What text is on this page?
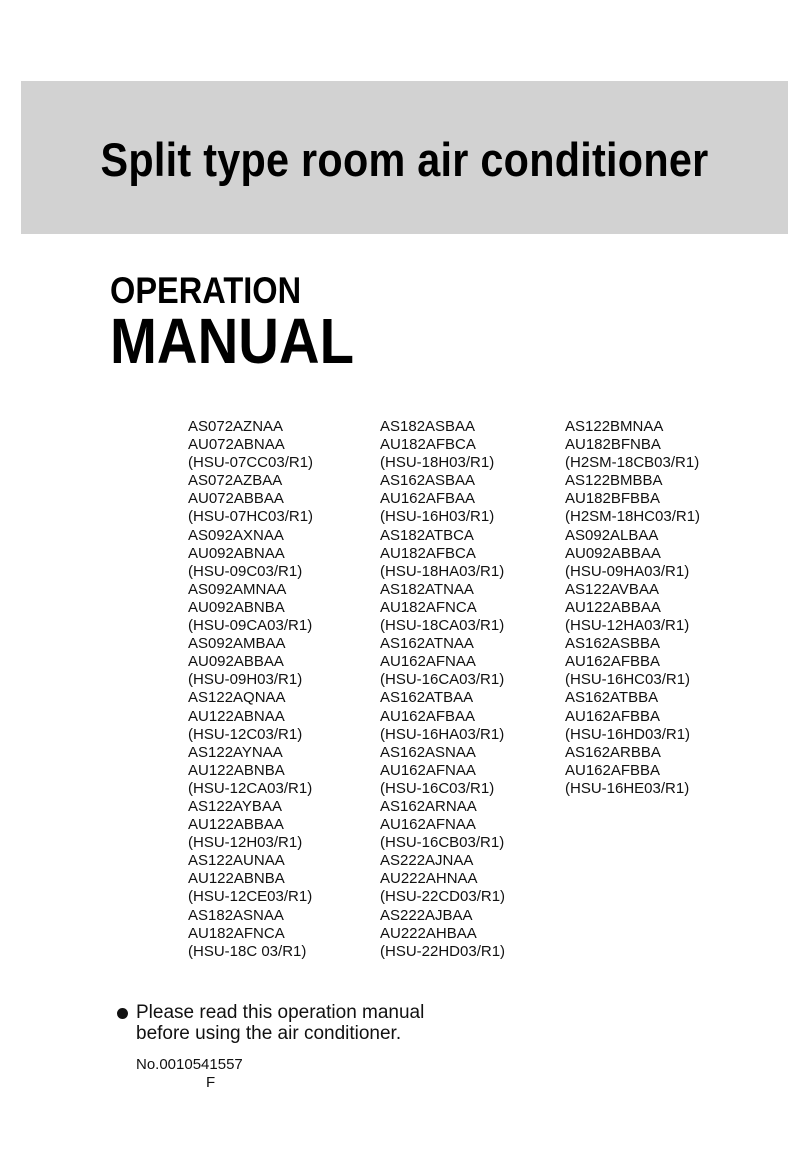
Split type room air conditioner
OPERATION
MANUAL
AS072AZNAA
AU072ABNAA
(HSU-07CC03/R1)
AS072AZBAA
AU072ABBAA
(HSU-07HC03/R1)
AS092AXNAA
AU092ABNAA
(HSU-09C03/R1)
AS092AMNAA
AU092ABNBA
(HSU-09CA03/R1)
AS092AMBAA
AU092ABBAA
(HSU-09H03/R1)
AS122AQNAA
AU122ABNAA
(HSU-12C03/R1)
AS122AYNAA
AU122ABNBA
(HSU-12CA03/R1)
AS122AYBAA
AU122ABBAA
(HSU-12H03/R1)
AS122AUNAA
AU122ABNBA
(HSU-12CE03/R1)
AS182ASNAA
AU182AFNCA
(HSU-18C 03/R1)
AS182ASBAA
AU182AFBCA
(HSU-18H03/R1)
AS162ASBAA
AU162AFBAA
(HSU-16H03/R1)
AS182ATBCA
AU182AFBCA
(HSU-18HA03/R1)
AS182ATNAA
AU182AFNCA
(HSU-18CA03/R1)
AS162ATNAA
AU162AFNAA
(HSU-16CA03/R1)
AS162ATBAA
AU162AFBAA
(HSU-16HA03/R1)
AS162ASNAA
AU162AFNAA
(HSU-16C03/R1)
AS162ARNAA
AU162AFNAA
(HSU-16CB03/R1)
AS222AJNAA
AU222AHNAA
(HSU-22CD03/R1)
AS222AJBAA
AU222AHBAA
(HSU-22HD03/R1)
AS122BMNAA
AU182BFNBA
(H2SM-18CB03/R1)
AS122BMBBA
AU182BFBBA
(H2SM-18HC03/R1)
AS092ALBAA
AU092ABBAA
(HSU-09HA03/R1)
AS122AVBAA
AU122ABBAA
(HSU-12HA03/R1)
AS162ASBBA
AU162AFBBA
(HSU-16HC03/R1)
AS162ATBBA
AU162AFBBA
(HSU-16HD03/R1)
AS162ARBBA
AU162AFBBA
(HSU-16HE03/R1)
Please read this operation manual
before using the air conditioner.
No.0010541557
F
